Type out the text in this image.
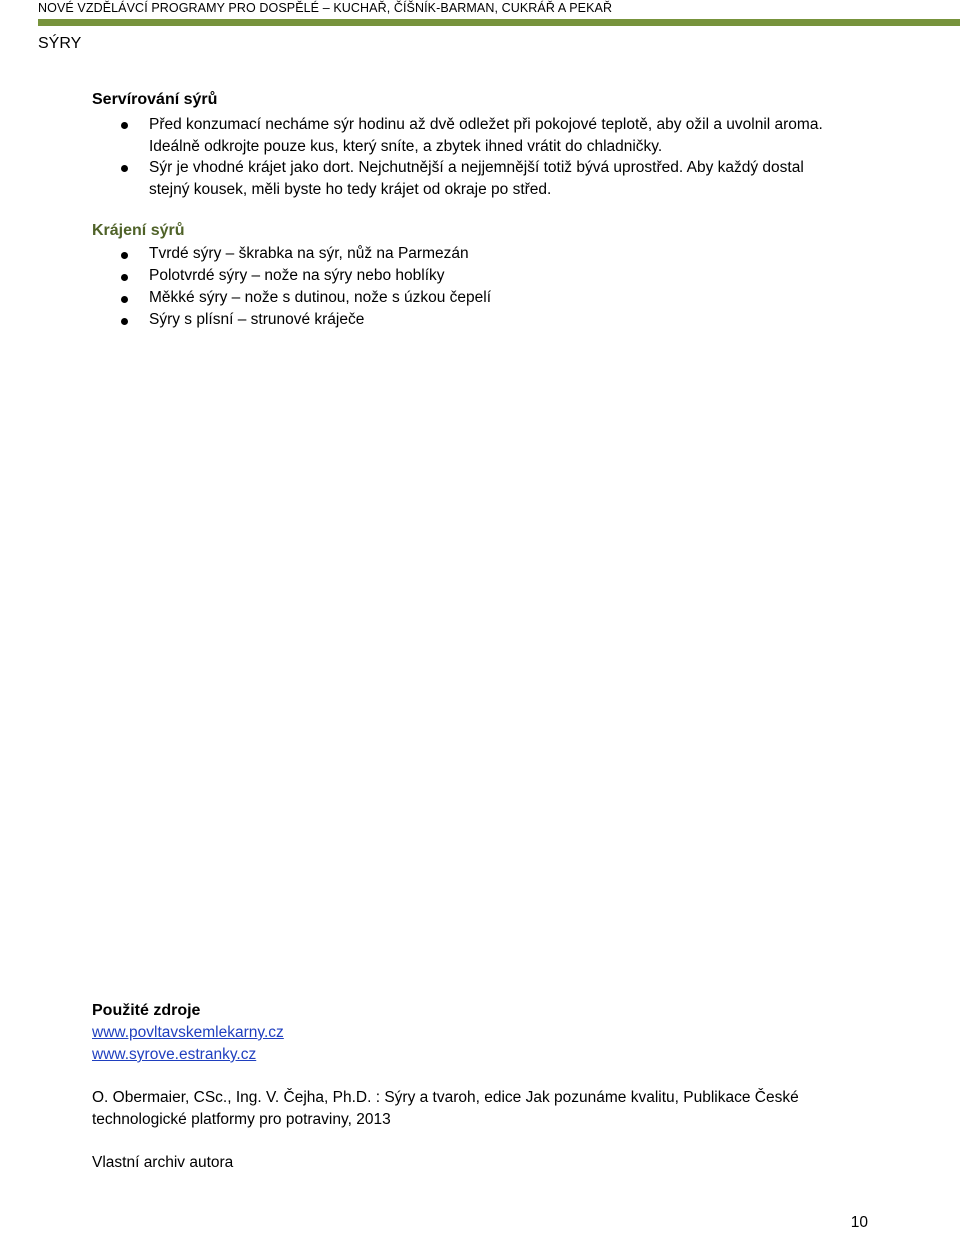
NOVÉ VZDĚLÁVCÍ PROGRAMY PRO DOSPĚLÉ – KUCHAŘ, ČÍŠNÍK-BARMAN, CUKRÁŘ A PEKAŘ
SÝRY
Servírování sýrů
Před konzumací necháme sýr hodinu až dvě odležet při pokojové teplotě, aby ožil a uvolnil aroma.
Ideálně odkrojte pouze kus, který sníte, a zbytek ihned vrátit do chladničky.
Sýr je vhodné krájet jako dort. Nejchutnější a nejjemnější totiž bývá uprostřed. Aby každý dostal
stejný kousek, měli byste ho tedy krájet od okraje po střed.
Krájení sýrů
Tvrdé sýry – škrabka na sýr, nůž na Parmezán
Polotvrdé sýry – nože na sýry nebo hoblíky
Měkké sýry – nože s dutinou, nože s úzkou čepelí
Sýry s plísní – strunové kráječe
Použité zdroje
www.povltavskemlekarny.cz
www.syrove.estranky.cz
O. Obermaier, CSc., Ing. V. Čejha, Ph.D. : Sýry a tvaroh, edice Jak pozunáme kvalitu, Publikace České
technologické platformy pro potraviny, 2013
Vlastní archiv autora
10
